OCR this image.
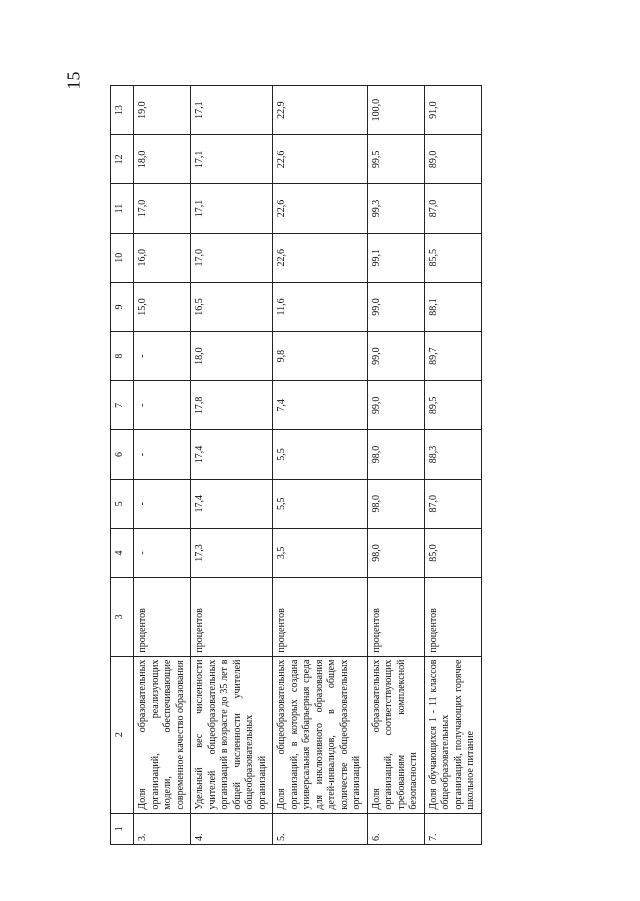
15
1	2	3	4	5	6	7	8	9	10	11	12	13
3.	Доля образовательных организаций, реализующих модели, обеспечивающие современное качество образования	процентов	-	-	-	-	-	15,0	16,0	17,0	18,0	19,0
4.	Удельный вес численности учителей общеобразовательных организаций в возрасте до 35 лет в общей численности учителей общеобразовательных организаций	процентов	17,3	17,4	17,4	17,8	18,0	16,5	17,0	17,1	17,1	17,1
5.	Доля общеобразовательных организаций, в которых создана универсальная безбарьерная среда для инклюзивного образования детей-инвалидов, в общем количестве общеобразовательных организаций	процентов	3,5	5,5	5,5	7,4	9,8	11,6	22,6	22,6	22,6	22,9
6.	Доля образовательных организаций, соответствующих требованиям комплексной безопасности	процентов	98,0	98,0	98,0	99,0	99,0	99,0	99,1	99,3	99,5	100,0
7.	Доля обучающихся 1 - 11 классов общеобразовательных организаций, получающих горячее школьное питание	процентов	85,0	87,0	88,3	89,5	89,7	88,1	85,5	87,0	89,0	91,0
